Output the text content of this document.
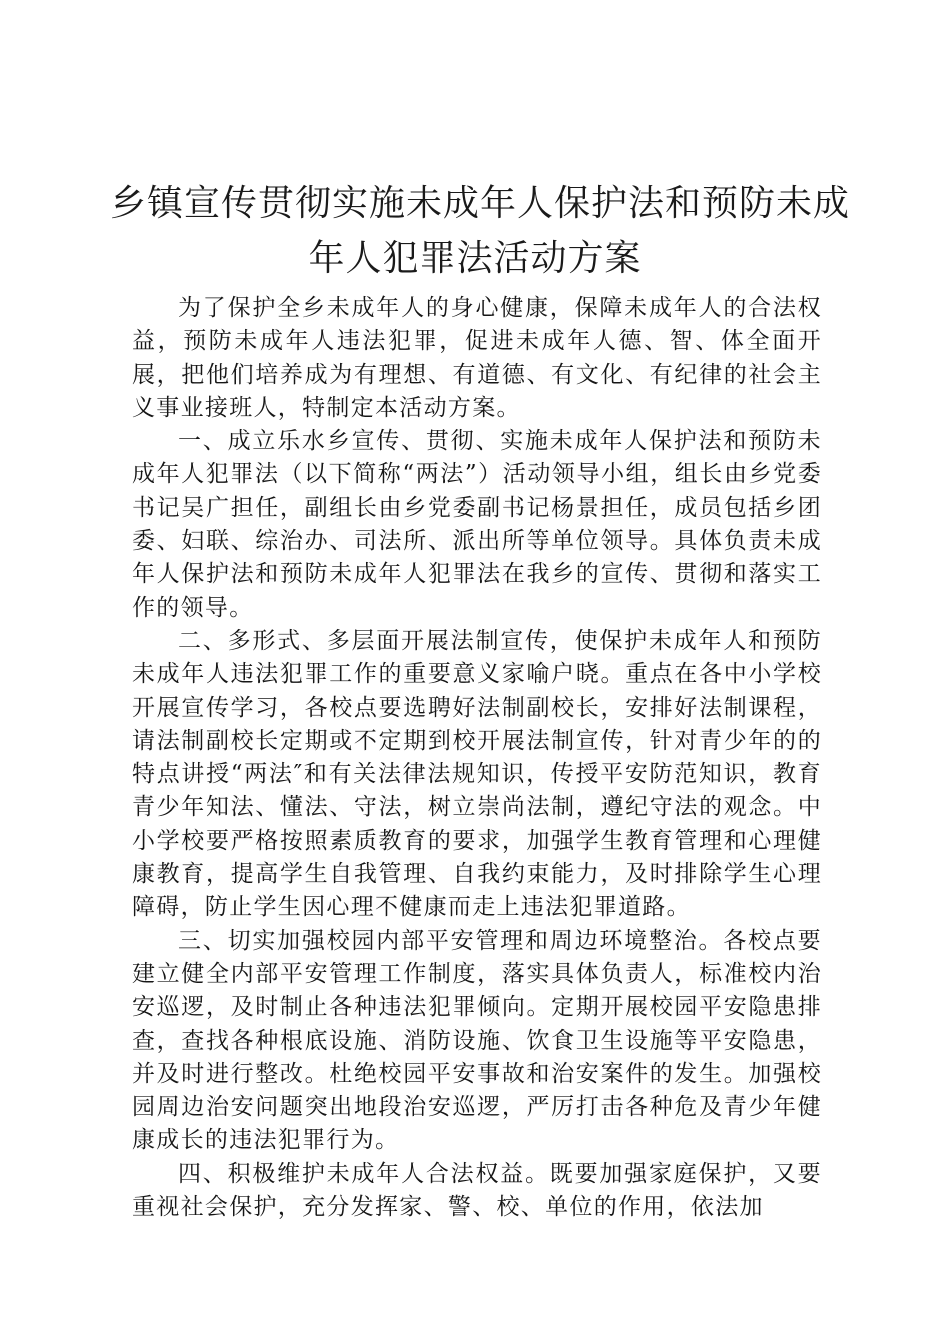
乡镇宣传贯彻实施未成年人保护法和预防未成
年人犯罪法活动方案

为了保护全乡未成年人的身心健康，保障未成年人的合法权益，预防未成年人违法犯罪，促进未成年人德、智、体全面开展，把他们培养成为有理想、有道德、有文化、有纪律的社会主义事业接班人，特制定本活动方案。

一、成立乐水乡宣传、贯彻、实施未成年人保护法和预防未成年人犯罪法（以下简称“两法”）活动领导小组，组长由乡党委书记吴广担任，副组长由乡党委副书记杨景担任，成员包括乡团委、妇联、综治办、司法所、派出所等单位领导。具体负责未成年人保护法和预防未成年人犯罪法在我乡的宣传、贯彻和落实工作的领导。

二、多形式、多层面开展法制宣传，使保护未成年人和预防未成年人违法犯罪工作的重要意义家喻户晓。重点在各中小学校开展宣传学习，各校点要选聘好法制副校长，安排好法制课程，请法制副校长定期或不定期到校开展法制宣传，针对青少年的的特点讲授“两法″和有关法律法规知识，传授平安防范知识，教育青少年知法、懂法、守法，树立崇尚法制，遵纪守法的观念。中小学校要严格按照素质教育的要求，加强学生教育管理和心理健康教育，提高学生自我管理、自我约束能力，及时排除学生心理障碍，防止学生因心理不健康而走上违法犯罪道路。

三、切实加强校园内部平安管理和周边环境整治。各校点要建立健全内部平安管理工作制度，落实具体负责人，标准校内治安巡逻，及时制止各种违法犯罪倾向。定期开展校园平安隐患排查，查找各种根底设施、消防设施、饮食卫生设施等平安隐患，并及时进行整改。杜绝校园平安事故和治安案件的发生。加强校园周边治安问题突出地段治安巡逻，严厉打击各种危及青少年健康成长的违法犯罪行为。

四、积极维护未成年人合法权益。既要加强家庭保护，又要重视社会保护，充分发挥家、警、校、单位的作用，依法加
